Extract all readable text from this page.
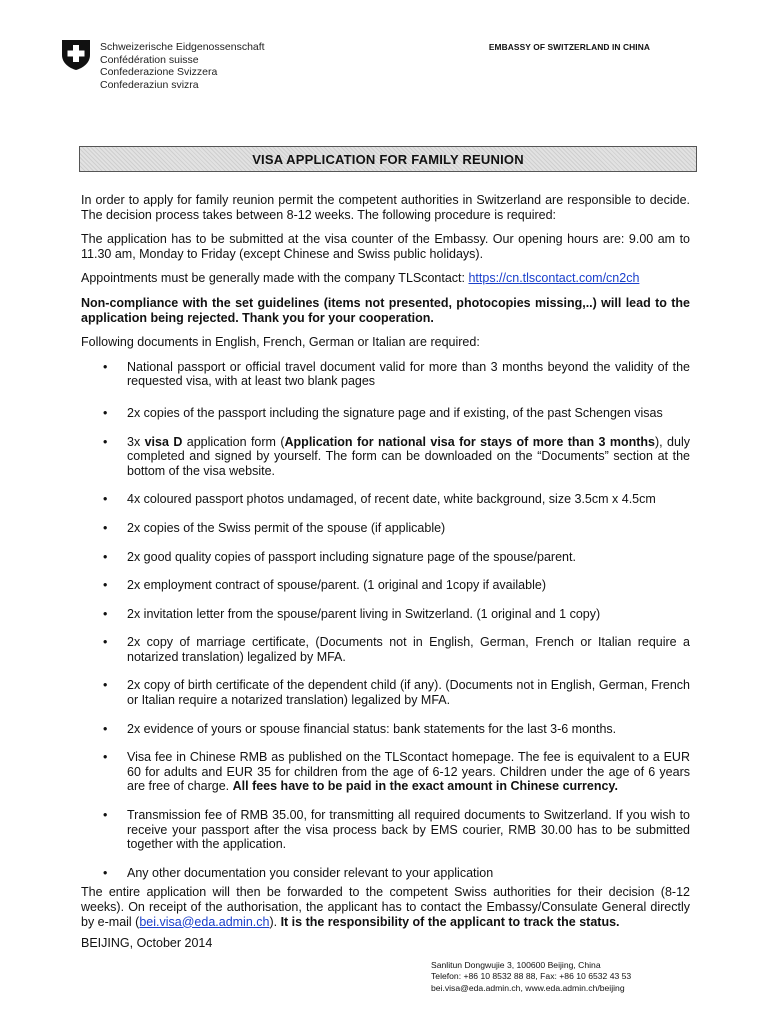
Schweizerische Eidgenossenschaft
Confédération suisse
Confederazione Svizzera
Confederaziun svizra
EMBASSY OF SWITZERLAND IN CHINA
VISA APPLICATION FOR FAMILY REUNION

In order to apply for family reunion permit the competent authorities in Switzerland are responsible to decide. The decision process takes between 8-12 weeks. The following procedure is required:

The application has to be submitted at the visa counter of the Embassy. Our opening hours are: 9.00 am to 11.30 am, Monday to Friday (except Chinese and Swiss public holidays).

Appointments must be generally made with the company TLScontact: https://cn.tlscontact.com/cn2ch

Non-compliance with the set guidelines (items not presented, photocopies missing,..) will lead to the application being rejected. Thank you for your cooperation.

Following documents in English, French, German or Italian are required:

• National passport or official travel document valid for more than 3 months beyond the validity of the requested visa, with at least two blank pages
• 2x copies of the passport including the signature page and if existing, of the past Schengen visas
• 3x visa D application form (Application for national visa for stays of more than 3 months), duly completed and signed by yourself. The form can be downloaded on the “Documents” section at the bottom of the visa website.
• 4x coloured passport photos undamaged, of recent date, white background, size 3.5cm x 4.5cm
• 2x copies of the Swiss permit of the spouse (if applicable)
• 2x good quality copies of passport including signature page of the spouse/parent.
• 2x employment contract of spouse/parent. (1 original and 1copy if available)
• 2x invitation letter from the spouse/parent living in Switzerland. (1 original and 1 copy)
• 2x copy of marriage certificate, (Documents not in English, German, French or Italian require a notarized translation) legalized by MFA.
• 2x copy of birth certificate of the dependent child (if any). (Documents not in English, German, French or Italian require a notarized translation) legalized by MFA.
• 2x evidence of yours or spouse financial status: bank statements for the last 3-6 months.
• Visa fee in Chinese RMB as published on the TLScontact homepage. The fee is equivalent to a EUR 60 for adults and EUR 35 for children from the age of 6-12 years. Children under the age of 6 years are free of charge. All fees have to be paid in the exact amount in Chinese currency.
• Transmission fee of RMB 35.00, for transmitting all required documents to Switzerland. If you wish to receive your passport after the visa process back by EMS courier, RMB 30.00 has to be submitted together with the application.
• Any other documentation you consider relevant to your application

The entire application will then be forwarded to the competent Swiss authorities for their decision (8-12 weeks). On receipt of the authorisation, the applicant has to contact the Embassy/Consulate General directly by e-mail (bei.visa@eda.admin.ch). It is the responsibility of the applicant to track the status.

BEIJING, October 2014

Sanlitun Dongwujie 3, 100600 Beijing, China
Telefon: +86 10 8532 88 88, Fax: +86 10 6532 43 53
bei.visa@eda.admin.ch, www.eda.admin.ch/beijing
